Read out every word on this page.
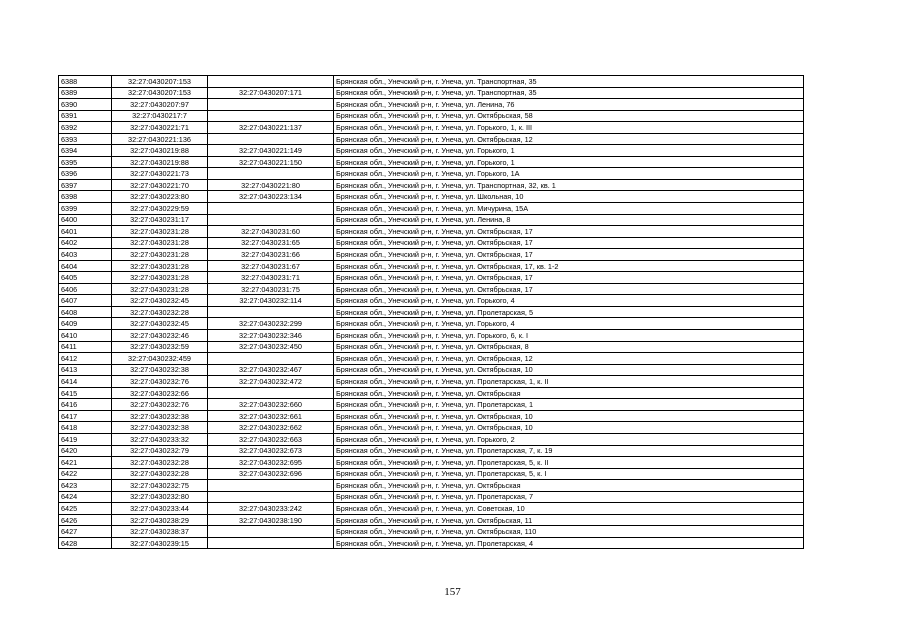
6388	32:27:0430207:153		Брянская обл., Унечский р-н, г. Унеча, ул. Транспортная, 35
6389	32:27:0430207:153	32:27:0430207:171	Брянская обл., Унечский р-н, г. Унеча, ул. Транспортная, 35
6390	32:27:0430207:97		Брянская обл., Унечский р-н, г. Унеча, ул. Ленина, 76
6391	32:27:0430217:7		Брянская обл., Унечский р-н, г. Унеча, ул. Октябрьская, 58
6392	32:27:0430221:71	32:27:0430221:137	Брянская обл., Унечский р-н, г. Унеча, ул. Горького, 1, к. III
6393	32:27:0430221:136		Брянская обл., Унечский р-н, г. Унеча, ул. Октябрьская, 12
6394	32:27:0430219:88	32:27:0430221:149	Брянская обл., Унечский р-н, г. Унеча, ул. Горького, 1
6395	32:27:0430219:88	32:27:0430221:150	Брянская обл., Унечский р-н, г. Унеча, ул. Горького, 1
6396	32:27:0430221:73		Брянская обл., Унечский р-н, г. Унеча, ул. Горького, 1А
6397	32:27:0430221:70	32:27:0430221:80	Брянская обл., Унечский р-н, г. Унеча, ул. Транспортная, 32, кв. 1
6398	32:27:0430223:80	32:27:0430223:134	Брянская обл., Унечский р-н, г. Унеча, ул. Школьная, 10
6399	32:27:0430229:59		Брянская обл., Унечский р-н, г. Унеча, ул. Мичурина, 15А
6400	32:27:0430231:17		Брянская обл., Унечский р-н, г. Унеча, ул. Ленина, 8
6401	32:27:0430231:28	32:27:0430231:60	Брянская обл., Унечский р-н, г. Унеча, ул. Октябрьская, 17
6402	32:27:0430231:28	32:27:0430231:65	Брянская обл., Унечский р-н, г. Унеча, ул. Октябрьская, 17
6403	32:27:0430231:28	32:27:0430231:66	Брянская обл., Унечский р-н, г. Унеча, ул. Октябрьская, 17
6404	32:27:0430231:28	32:27:0430231:67	Брянская обл., Унечский р-н, г. Унеча, ул. Октябрьская, 17, кв. 1-2
6405	32:27:0430231:28	32:27:0430231:71	Брянская обл., Унечский р-н, г. Унеча, ул. Октябрьская, 17
6406	32:27:0430231:28	32:27:0430231:75	Брянская обл., Унечский р-н, г. Унеча, ул. Октябрьская, 17
6407	32:27:0430232:45	32:27:0430232:114	Брянская обл., Унечский р-н, г. Унеча, ул. Горького, 4
6408	32:27:0430232:28		Брянская обл., Унечский р-н, г. Унеча, ул. Пролетарская, 5
6409	32:27:0430232:45	32:27:0430232:299	Брянская обл., Унечский р-н, г. Унеча, ул. Горького, 4
6410	32:27:0430232:46	32:27:0430232:346	Брянская обл., Унечский р-н, г. Унеча, ул. Горького, 6, к. I
6411	32:27:0430232:59	32:27:0430232:450	Брянская обл., Унечский р-н, г. Унеча, ул. Октябрьская, 8
6412	32:27:0430232:459		Брянская обл., Унечский р-н, г. Унеча, ул. Октябрьская, 12
6413	32:27:0430232:38	32:27:0430232:467	Брянская обл., Унечский р-н, г. Унеча, ул. Октябрьская, 10
6414	32:27:0430232:76	32:27:0430232:472	Брянская обл., Унечский р-н, г. Унеча, ул. Пролетарская, 1, к. II
6415	32:27:0430232:66		Брянская обл., Унечский р-н, г. Унеча, ул. Октябрьская
6416	32:27:0430232:76	32:27:0430232:660	Брянская обл., Унечский р-н, г. Унеча, ул. Пролетарская, 1
6417	32:27:0430232:38	32:27:0430232:661	Брянская обл., Унечский р-н, г. Унеча, ул. Октябрьская, 10
6418	32:27:0430232:38	32:27:0430232:662	Брянская обл., Унечский р-н, г. Унеча, ул. Октябрьская, 10
6419	32:27:0430233:32	32:27:0430232:663	Брянская обл., Унечский р-н, г. Унеча, ул. Горького, 2
6420	32:27:0430232:79	32:27:0430232:673	Брянская обл., Унечский р-н, г. Унеча, ул. Пролетарская, 7, к. 19
6421	32:27:0430232:28	32:27:0430232:695	Брянская обл., Унечский р-н, г. Унеча, ул. Пролетарская, 5, к. II
6422	32:27:0430232:28	32:27:0430232:696	Брянская обл., Унечский р-н, г. Унеча, ул. Пролетарская, 5, к. I
6423	32:27:0430232:75		Брянская обл., Унечский р-н, г. Унеча, ул. Октябрьская
6424	32:27:0430232:80		Брянская обл., Унечский р-н, г. Унеча, ул. Пролетарская, 7
6425	32:27:0430233:44	32:27:0430233:242	Брянская обл., Унечский р-н, г. Унеча, ул. Советская, 10
6426	32:27:0430238:29	32:27:0430238:190	Брянская обл., Унечский р-н, г. Унеча, ул. Октябрьская, 11
6427	32:27:0430238:37		Брянская обл., Унечский р-н, г. Унеча, ул. Октябрьская, 110
6428	32:27:0430239:15		Брянская обл., Унечский р-н, г. Унеча, ул. Пролетарская, 4
157
